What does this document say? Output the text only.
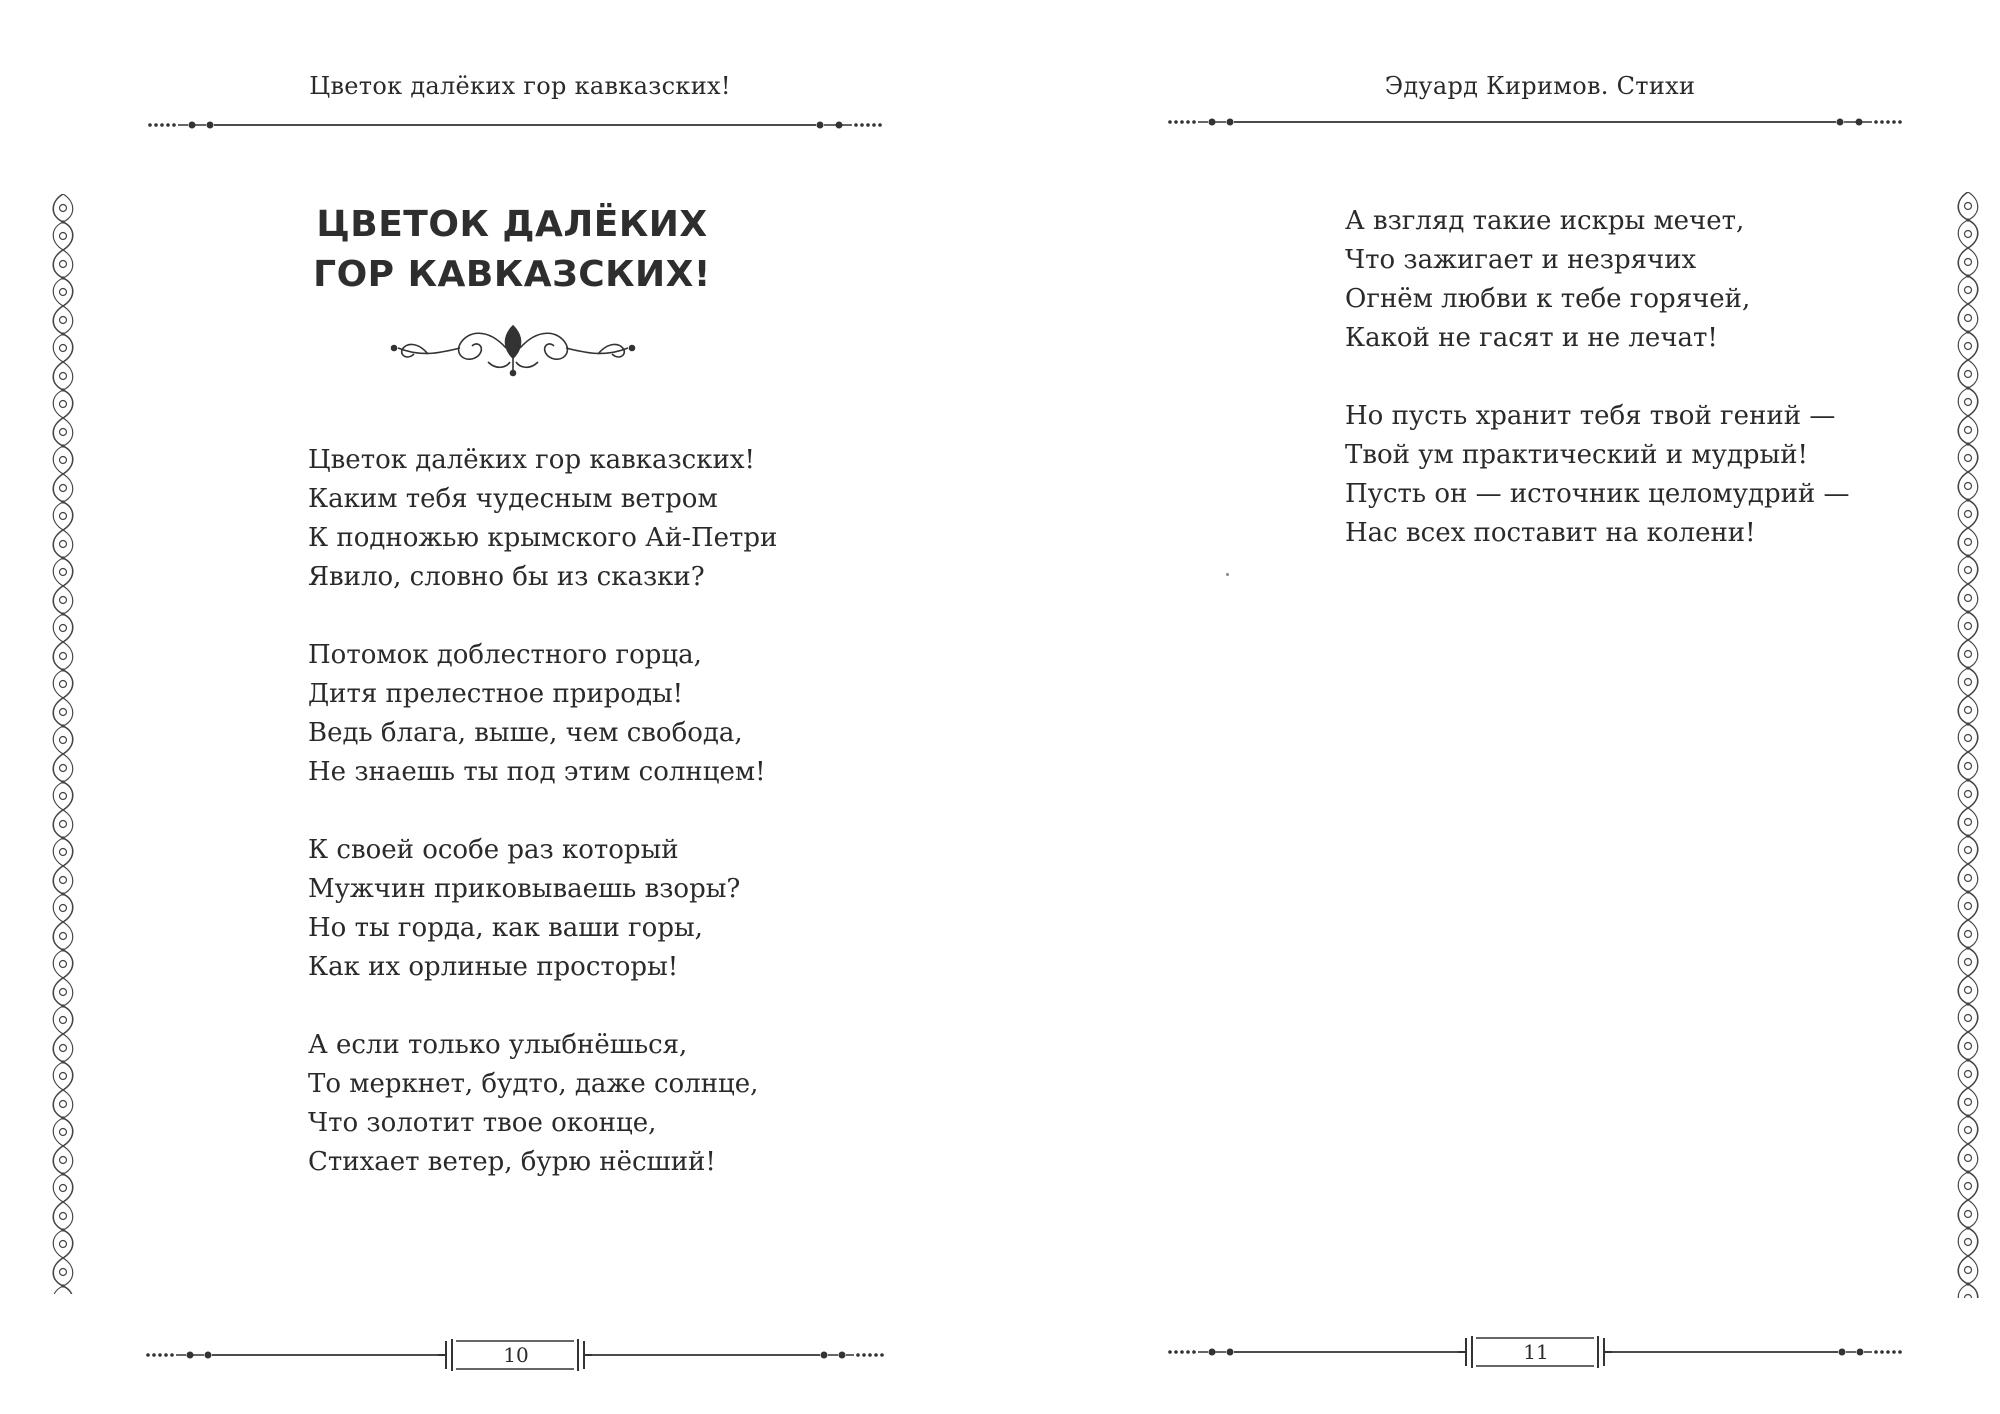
Цветок далёких гор кавказских!
ЦВЕТОК ДАЛЁКИХ
ГОР КАВКАЗСКИХ!
Цветок далёких гор кавказских!
Каким тебя чудесным ветром
К подножью крымского Ай-Петри
Явило, словно бы из сказки?
Потомок доблестного горца,
Дитя прелестное природы!
Ведь блага, выше, чем свобода,
Не знаешь ты под этим солнцем!
К своей особе раз который
Мужчин приковываешь взоры?
Но ты горда, как ваши горы,
Как их орлиные просторы!
А если только улыбнёшься,
То меркнет, будто, даже солнце,
Что золотит твое оконце,
Стихает ветер, бурю нёсший!
10
Эдуард Киримов. Стихи
А взгляд такие искры мечет,
Что зажигает и незрячих
Огнём любви к тебе горячей,
Какой не гасят и не лечат!
Но пусть хранит тебя твой гений —
Твой ум практический и мудрый!
Пусть он — источник целомудрий —
Нас всех поставит на колени!
11
